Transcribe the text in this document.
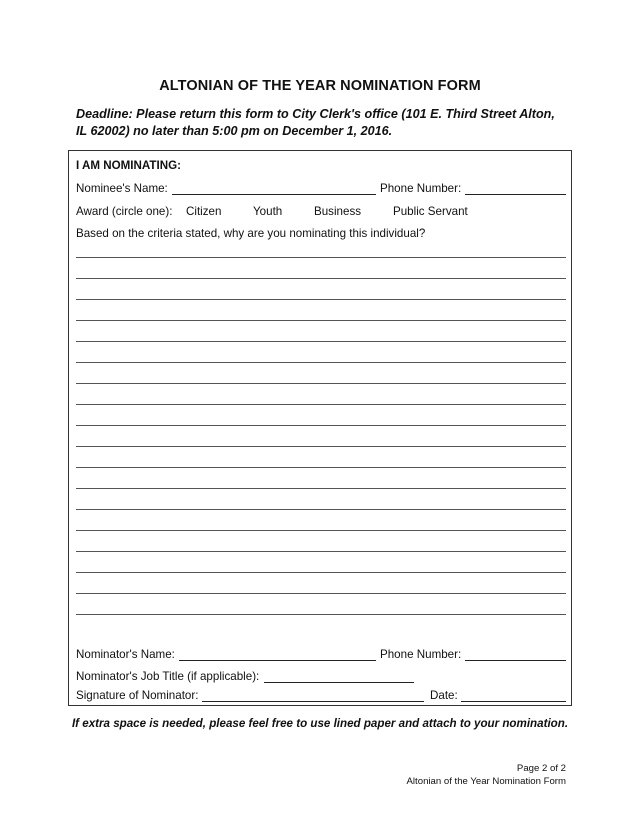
ALTONIAN OF THE YEAR NOMINATION FORM
Deadline: Please return this form to City Clerk's office (101 E. Third Street Alton, IL 62002) no later than 5:00 pm on December 1, 2016.
I AM NOMINATING:
Nominee's Name:	Phone Number:
Award (circle one): Citizen	Youth	Business	Public Servant
Based on the criteria stated, why are you nominating this individual?
Nominator's Name:	Phone Number:
Nominator's Job Title (if applicable):
Signature of Nominator:	Date:
If extra space is needed, please feel free to use lined paper and attach to your nomination.
Page 2 of 2
Altonian of the Year Nomination Form
